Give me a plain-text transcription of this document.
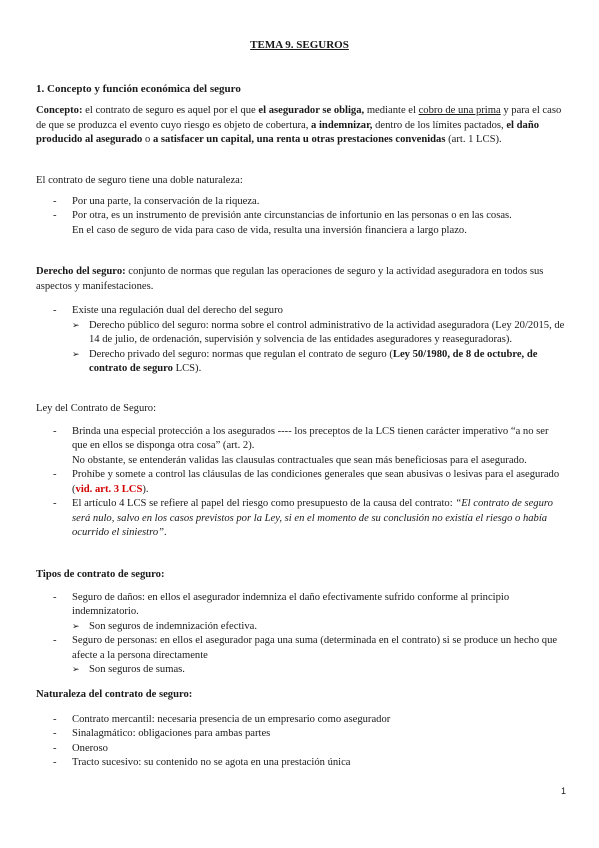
TEMA 9. SEGUROS
1. Concepto y función económica del seguro

Concepto: el contrato de seguro es aquel por el que el asegurador se obliga, mediante el cobro de una prima y para el caso de que se produzca el evento cuyo riesgo es objeto de cobertura, a indemnizar, dentro de los límites pactados, el daño producido al asegurado o a satisfacer un capital, una renta u otras prestaciones convenidas (art. 1 LCS).

El contrato de seguro tiene una doble naturaleza:

- Por una parte, la conservación de la riqueza.
- Por otra, es un instrumento de previsión ante circunstancias de infortunio en las personas o en las cosas.

En el caso de seguro de vida para caso de vida, resulta una inversión financiera a largo plazo.

Derecho del seguro: conjunto de normas que regulan las operaciones de seguro y la actividad aseguradora en todos sus aspectos y manifestaciones.

- Existe una regulación dual del derecho del seguro
➢ Derecho público del seguro: norma sobre el control administrativo de la actividad aseguradora (Ley 20/2015, de 14 de julio, de ordenación, supervisión y solvencia de las entidades aseguradores y reaseguradoras).
➢ Derecho privado del seguro: normas que regulan el contrato de seguro (Ley 50/1980, de 8 de octubre, de contrato de seguro LCS).

Ley del Contrato de Seguro:

- Brinda una especial protección a los asegurados ---- los preceptos de la LCS tienen carácter imperativo “a no ser que en ellos se disponga otra cosa” (art. 2).
No obstante, se entenderán validas las clausulas contractuales que sean más beneficiosas para el asegurado.
- Prohíbe y somete a control las cláusulas de las condiciones generales que sean abusivas o lesivas para el asegurado (vid. art. 3 LCS).
- El artículo 4 LCS se refiere al papel del riesgo como presupuesto de la causa del contrato: “El contrato de seguro será nulo, salvo en los casos previstos por la Ley, si en el momento de su conclusión no existía el riesgo o había ocurrido el siniestro”.

Tipos de contrato de seguro:

- Seguro de daños: en ellos el asegurador indemniza el daño efectivamente sufrido conforme al principio indemnizatorio.
➢ Son seguros de indemnización efectiva.
- Seguro de personas: en ellos el asegurador paga una suma (determinada en el contrato) si se produce un hecho que afecte a la persona directamente
➢ Son seguros de sumas.

Naturaleza del contrato de seguro:

- Contrato mercantil: necesaria presencia de un empresario como asegurador
- Sinalagmático: obligaciones para ambas partes
- Oneroso
- Tracto sucesivo: su contenido no se agota en una prestación única
1
